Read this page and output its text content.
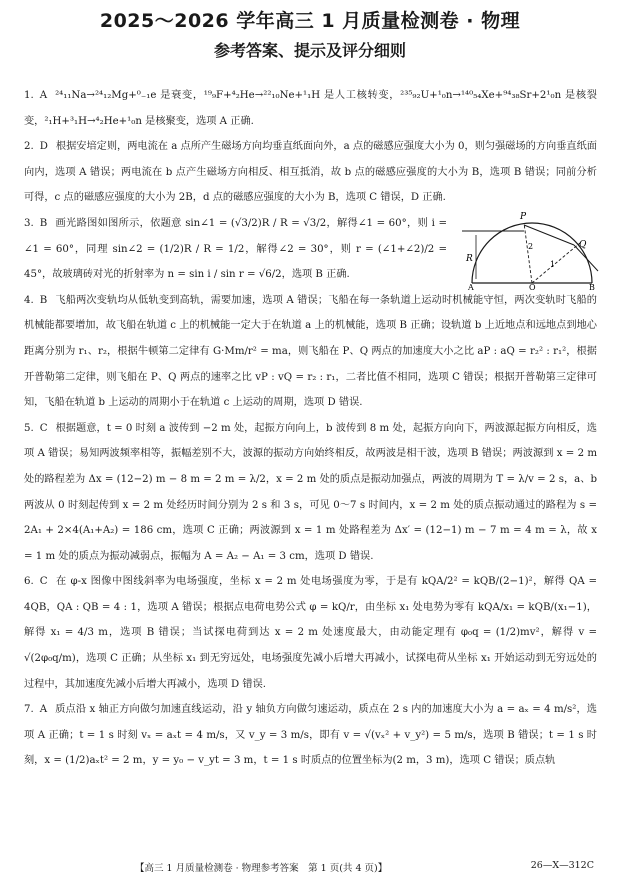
2025～2026 学年高三 1 月质量检测卷 · 物理
参考答案、提示及评分细则

1. A ²⁴₁₁Na→²⁴₁₂Mg+⁰₋₁e 是衰变，¹⁹₉F+⁴₂He→²²₁₀Ne+¹₁H 是人工核转变，²³⁵₉₂U+¹₀n→¹⁴⁰₅₄Xe+⁹⁴₃₈Sr+2¹₀n 是核裂变，²₁H+³₁H→⁴₂He+¹₀n 是核聚变，选项 A 正确.

2. D 根据安培定则，两电流在 a 点所产生磁场方向均垂直纸面向外，a 点的磁感应强度大小为 0，则匀强磁场的方向垂直纸面向内，选项 A 错误；两电流在 b 点产生磁场方向相反、相互抵消，故 b 点的磁感应强度的大小为 B，选项 B 错误；同前分析可得，c 点的磁感应强度的大小为 2B，d 点的磁感应强度的大小为 B，选项 C 错误，D 正确.

3. B 画光路图如图所示，依题意 sin∠1 = (√3/2)R / R = √3/2，解得∠1 = 60°，则 i = ∠1 = 60°，同理 sin∠2 = (1/2)R / R = 1/2，解得∠2 = 30°，则 r = (∠1+∠2)/2 = 45°，故玻璃砖对光的折射率为 n = sin i / sin r = √6/2，选项 B 正确.

4. B 飞船两次变轨均从低轨变到高轨，需要加速，选项 A 错误；飞船在每一条轨道上运动时机械能守恒，两次变轨时飞船的机械能都要增加，故飞船在轨道 c 上的机械能一定大于在轨道 a 上的机械能，选项 B 正确；设轨道 b 上近地点和远地点到地心距离分别为 r₁、r₂，根据牛顿第二定律有 G·Mm/r² = ma，则飞船在 P、Q 两点的加速度大小之比 aP : aQ = r₂² : r₁²，根据开普勒第二定律，则飞船在 P、Q 两点的速率之比 vP : vQ = r₂ : r₁，二者比值不相同，选项 C 错误；根据开普勒第三定律可知，飞船在轨道 b 上运动的周期小于在轨道 c 上运动的周期，选项 D 错误.

5. C 根据题意，t = 0 时刻 a 波传到 −2 m 处，起振方向向上，b 波传到 8 m 处，起振方向向下，两波源起振方向相反，选项 A 错误；易知两波频率相等，振幅差别不大，波源的振动方向始终相反，故两波是相干波，选项 B 错误；两波源到 x = 2 m 处的路程差为 Δx = (12−2) m − 8 m = 2 m = λ/2，x = 2 m 处的质点是振动加强点，两波的周期为 T = λ/v = 2 s，a、b 两波从 0 时刻起传到 x = 2 m 处经历时间分别为 2 s 和 3 s，可见 0～7 s 时间内，x = 2 m 处的质点振动通过的路程为 s = 2A₁ + 2×4(A₁+A₂) = 186 cm，选项 C 正确；两波源到 x = 1 m 处路程差为 Δx′ = (12−1) m − 7 m = 4 m = λ，故 x = 1 m 处的质点为振动减弱点，振幅为 A = A₂ − A₁ = 3 cm，选项 D 错误.

6. C 在 φ-x 图像中图线斜率为电场强度，坐标 x = 2 m 处电场强度为零，于是有 kQA/2² = kQB/(2−1)²，解得 QA = 4QB，QA : QB = 4 : 1，选项 A 错误；根据点电荷电势公式 φ = kQ/r，由坐标 x₁ 处电势为零有 kQA/x₁ = kQB/(x₁−1)，解得 x₁ = 4/3 m，选项 B 错误；当试探电荷到达 x = 2 m 处速度最大，由动能定理有 φ₀q = (1/2)mv²，解得 v = √(2φ₀q/m)，选项 C 正确；从坐标 x₁ 到无穷远处，电场强度先减小后增大再减小，试探电荷从坐标 x₁ 开始运动到无穷远处的过程中，其加速度先减小后增大再减小，选项 D 错误.

7. A 质点沿 x 轴正方向做匀加速直线运动，沿 y 轴负方向做匀速运动，质点在 2 s 内的加速度大小为 a = aₓ = 4 m/s²，选项 A 正确；t = 1 s 时刻 vₓ = aₓt = 4 m/s，又 v_y = 3 m/s，即有 v = √(vₓ² + v_y²) = 5 m/s，选项 B 错误；t = 1 s 时刻，x = (1/2)aₓt² = 2 m，y = y₀ − v_yt = 3 m，t = 1 s 时质点的位置坐标为(2 m，3 m)，选项 C 错误；质点轨

R
P
Q
A	O	B
1
2
【高三 1 月质量检测卷 · 物理参考答案　第 1 页(共 4 页)】	26—X—312C
